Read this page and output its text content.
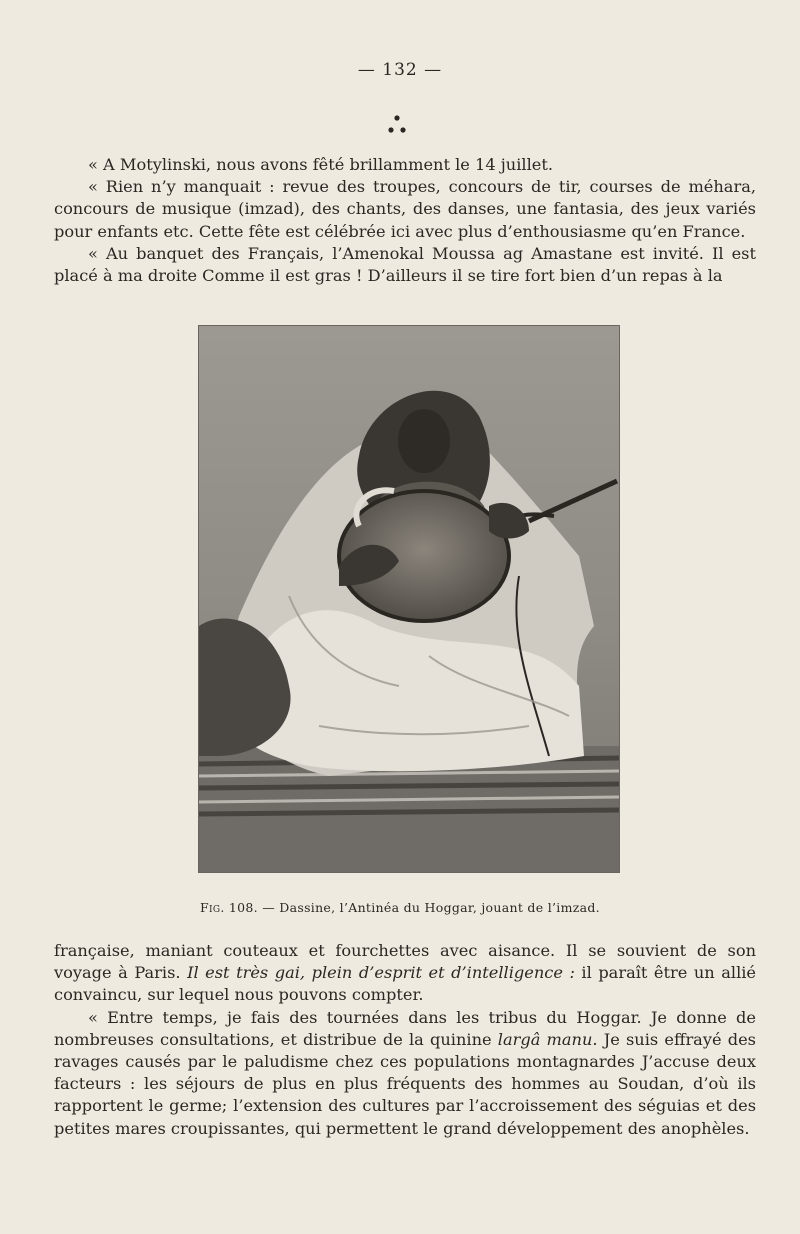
— 132 —

« A Motylinski, nous avons fêté brillamment le 14 juillet.

« Rien n’y manquait : revue des troupes, concours de tir, courses de méhara, concours de musique (imzad), des chants, des danses, une fantasia, des jeux variés pour enfants etc. Cette fête est célébrée ici avec plus d’enthousiasme qu’en France.

« Au banquet des Français, l’Amenokal Moussa ag Amastane est invité. Il est placé à ma droite Comme il est gras ! D’ailleurs il se tire fort bien d’un repas à la

Fig. 108. — Dassine, l’Antinéa du Hoggar, jouant de l’imzad.

française, maniant couteaux et fourchettes avec aisance. Il se souvient de son voyage à Paris. Il est très gai, plein d’esprit et d’intelligence : il paraît être un allié convaincu, sur lequel nous pouvons compter.

« Entre temps, je fais des tournées dans les tribus du Hoggar. Je donne de nombreuses consultations, et distribue de la quinine largâ manu. Je suis effrayé des ravages causés par le paludisme chez ces populations montagnardes J’accuse deux facteurs : les séjours de plus en plus fréquents des hommes au Soudan, d’où ils rapportent le germe; l’extension des cultures par l’accroissement des séguias et des petites mares croupissantes, qui permettent le grand développement des anophèles.
